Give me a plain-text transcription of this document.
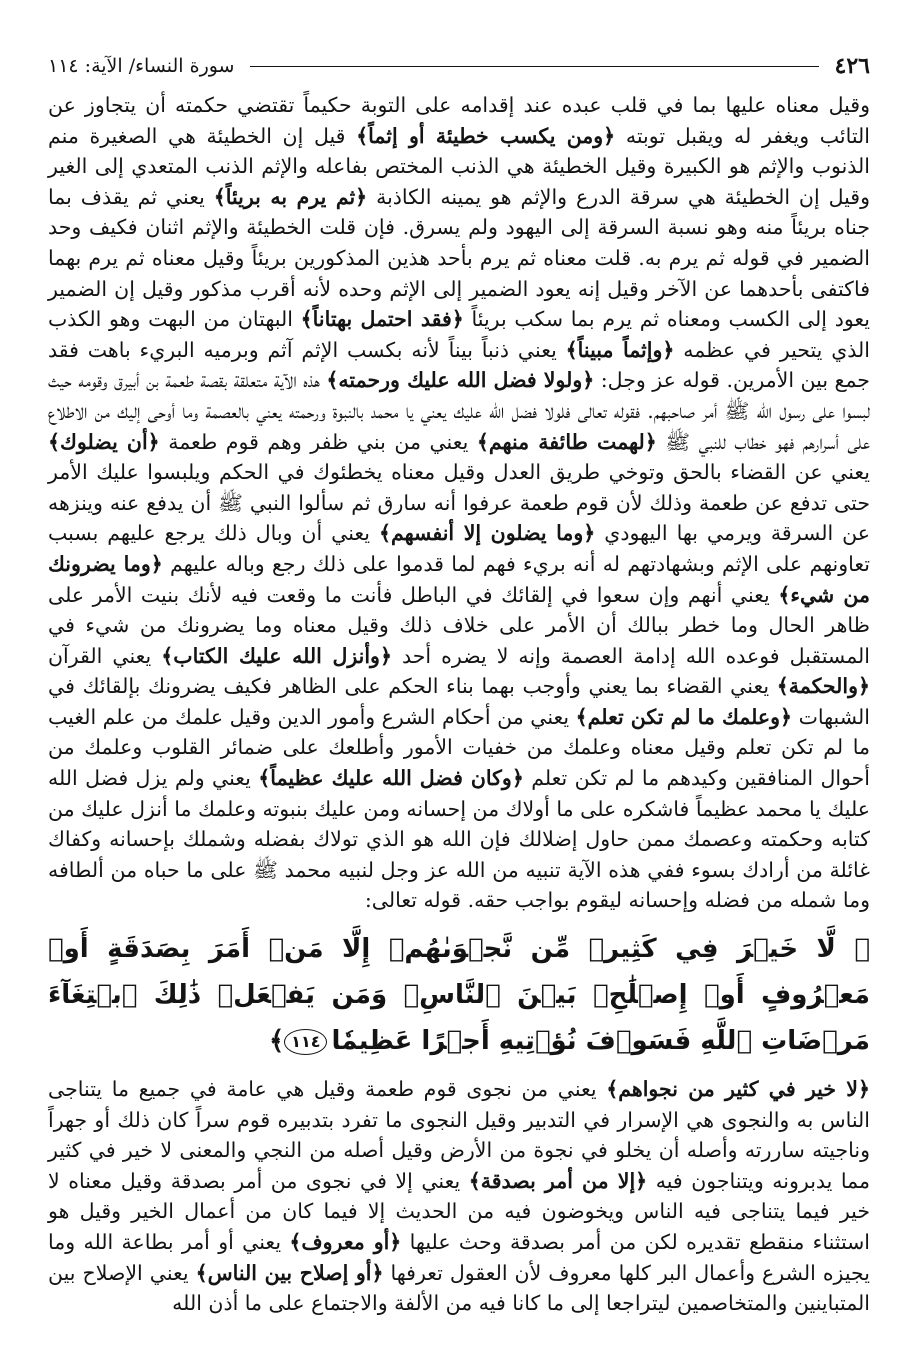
٤٢٦
سورة النساء/ الآية: ١١٤

وقيل معناه عليها بما في قلب عبده عند إقدامه على التوبة حكيماً تقتضي حكمته أن يتجاوز عن التائب ويغفر له ويقبل توبته ﴿ومن يكسب خطيئة أو إثماً﴾ قيل إن الخطيئة هي الصغيرة منم الذنوب والإثم هو الكبيرة وقيل الخطيئة هي الذنب المختص بفاعله والإثم الذنب المتعدي إلى الغير وقيل إن الخطيئة هي سرقة الدرع والإثم هو يمينه الكاذبة ﴿ثم يرم به بريئاً﴾ يعني ثم يقذف بما جناه بريئاً منه وهو نسبة السرقة إلى اليهود ولم يسرق. فإن قلت الخطيئة والإثم اثنان فكيف وحد الضمير في قوله ثم يرم به. قلت معناه ثم يرم بأحد هذين المذكورين بريئاً وقيل معناه ثم يرم بهما فاكتفى بأحدهما عن الآخر وقيل إنه يعود الضمير إلى الإثم وحده لأنه أقرب مذكور وقيل إن الضمير يعود إلى الكسب ومعناه ثم يرم بما سكب بريئاً ﴿فقد احتمل بهتاناً﴾ البهتان من البهت وهو الكذب الذي يتحير في عظمه ﴿وإثماً مبيناً﴾ يعني ذنباً بيناً لأنه بكسب الإثم آثم وبرميه البريء باهت فقد جمع بين الأمرين. قوله عز وجل: ﴿ولولا فضل الله عليك ورحمته﴾ هذه الآية متعلقة بقصة طعمة بن أبيرق وقومه حيث لبسوا على رسول الله ﷺ أمر صاحبهم. فقوله تعالى فلولا فضل الله عليك يعني يا محمد بالنبوة ورحمته يعني بالعصمة وما أوحى إليك من الاطلاع على أسرارهم فهو خطاب للنبي ﷺ ﴿لهمت طائفة منهم﴾ يعني من بني ظفر وهم قوم طعمة ﴿أن يضلوك﴾ يعني عن القضاء بالحق وتوخي طريق العدل وقيل معناه يخطئوك في الحكم ويلبسوا عليك الأمر حتى تدفع عن طعمة وذلك لأن قوم طعمة عرفوا أنه سارق ثم سألوا النبي ﷺ أن يدفع عنه وينزهه عن السرقة ويرمي بها اليهودي ﴿وما يضلون إلا أنفسهم﴾ يعني أن وبال ذلك يرجع عليهم بسبب تعاونهم على الإثم وبشهادتهم له أنه بريء فهم لما قدموا على ذلك رجع وباله عليهم ﴿وما يضرونك من شيء﴾ يعني أنهم وإن سعوا في إلقائك في الباطل فأنت ما وقعت فيه لأنك بنيت الأمر على ظاهر الحال وما خطر ببالك أن الأمر على خلاف ذلك وقيل معناه وما يضرونك من شيء في المستقبل فوعده الله إدامة العصمة وإنه لا يضره أحد ﴿وأنزل الله عليك الكتاب﴾ يعني القرآن ﴿والحكمة﴾ يعني القضاء بما يعني وأوجب بهما بناء الحكم على الظاهر فكيف يضرونك بإلقائك في الشبهات ﴿وعلمك ما لم تكن تعلم﴾ يعني من أحكام الشرع وأمور الدين وقيل علمك من علم الغيب ما لم تكن تعلم وقيل معناه وعلمك من خفيات الأمور وأطلعك على ضمائر القلوب وعلمك من أحوال المنافقين وكيدهم ما لم تكن تعلم ﴿وكان فضل الله عليك عظيماً﴾ يعني ولم يزل فضل الله عليك يا محمد عظيماً فاشكره على ما أولاك من إحسانه ومن عليك بنبوته وعلمك ما أنزل عليك من كتابه وحكمته وعصمك ممن حاول إضلالك فإن الله هو الذي تولاك بفضله وشملك بإحسانه وكفاك غائلة من أرادك بسوء ففي هذه الآية تنبيه من الله عز وجل لنبيه محمد ﷺ على ما حباه من ألطافه وما شمله من فضله وإحسانه ليقوم بواجب حقه. قوله تعالى:

﴿ لَّا خَيۡرَ فِي كَثِيرٖ مِّن نَّجۡوَىٰهُمۡ إِلَّا مَنۡ أَمَرَ بِصَدَقَةٍ أَوۡ مَعۡرُوفٍ أَوۡ إِصۡلَٰحِۭ بَيۡنَ ٱلنَّاسِۚ وَمَن يَفۡعَلۡ ذَٰلِكَ ٱبۡتِغَآءَ مَرۡضَاتِ ٱللَّهِ فَسَوۡفَ نُؤۡتِيهِ أَجۡرًا عَظِيمٗا١١٤﴾

﴿لا خير في كثير من نجواهم﴾ يعني من نجوى قوم طعمة وقيل هي عامة في جميع ما يتناجى الناس به والنجوى هي الإسرار في التدبير وقيل النجوى ما تفرد بتدبيره قوم سراً كان ذلك أو جهراً وناجيته ساررته وأصله أن يخلو في نجوة من الأرض وقيل أصله من النجي والمعنى لا خير في كثير مما يدبرونه ويتناجون فيه ﴿إلا من أمر بصدقة﴾ يعني إلا في نجوى من أمر بصدقة وقيل معناه لا خير فيما يتناجى فيه الناس ويخوضون فيه من الحديث إلا فيما كان من أعمال الخير وقيل هو استثناء منقطع تقديره لكن من أمر بصدقة وحث عليها ﴿أو معروف﴾ يعني أو أمر بطاعة الله وما يجيزه الشرع وأعمال البر كلها معروف لأن العقول تعرفها ﴿أو إصلاح بين الناس﴾ يعني الإصلاح بين المتباينين والمتخاصمين ليتراجعا إلى ما كانا فيه من الألفة والاجتماع على ما أذن الله
